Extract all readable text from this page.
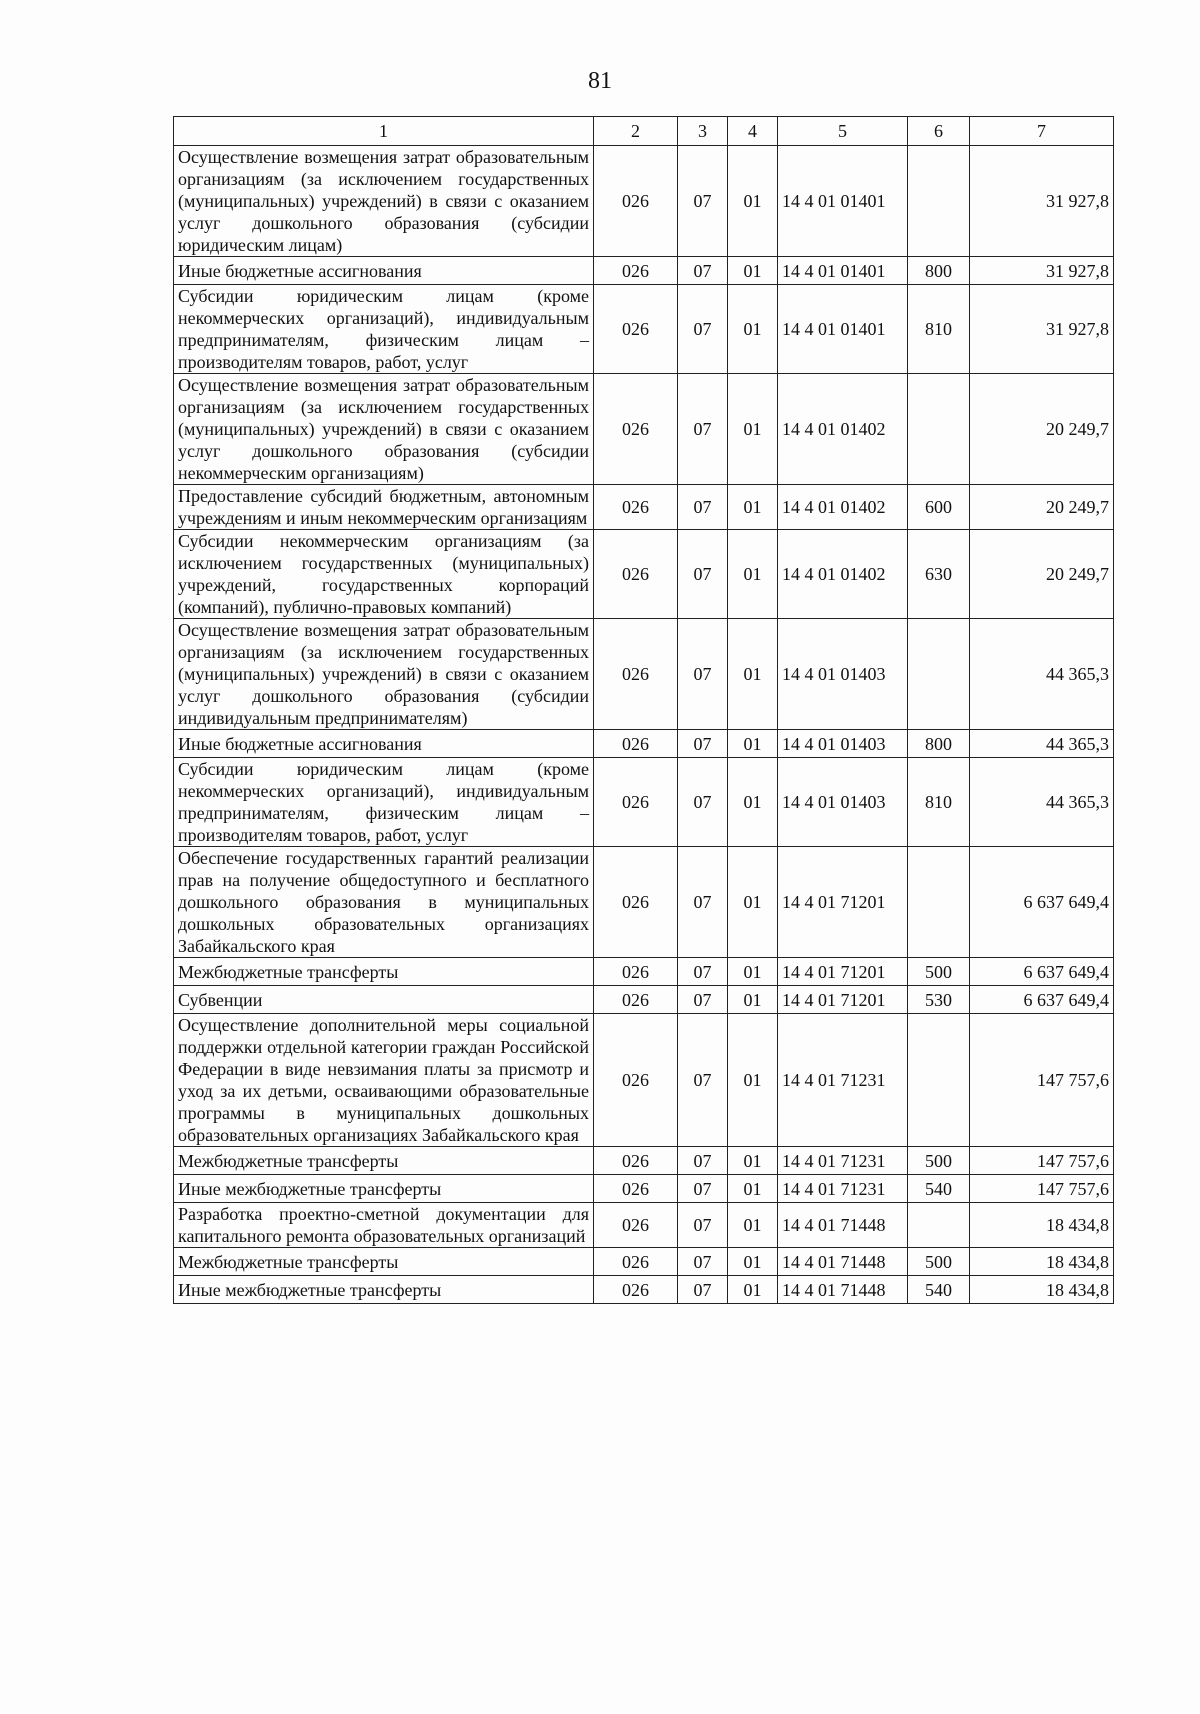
81
1	2	3	4	5	6	7
Осуществление возмещения затрат образовательным организациям (за исключением государственных (муниципальных) учреждений) в связи с оказанием услуг дошкольного образования (субсидии юридическим лицам)	026	07	01	14 4 01 01401		31 927,8
Иные бюджетные ассигнования	026	07	01	14 4 01 01401	800	31 927,8
Субсидии юридическим лицам (кроме некоммерческих организаций), индивидуальным предпринимателям, физическим лицам – производителям товаров, работ, услуг	026	07	01	14 4 01 01401	810	31 927,8
Осуществление возмещения затрат образовательным организациям (за исключением государственных (муниципальных) учреждений) в связи с оказанием услуг дошкольного образования (субсидии некоммерческим организациям)	026	07	01	14 4 01 01402		20 249,7
Предоставление субсидий бюджетным, автономным учреждениям и иным некоммерческим организациям	026	07	01	14 4 01 01402	600	20 249,7
Субсидии некоммерческим организациям (за исключением государственных (муниципальных) учреждений, государственных корпораций (компаний), публично-правовых компаний)	026	07	01	14 4 01 01402	630	20 249,7
Осуществление возмещения затрат образовательным организациям (за исключением государственных (муниципальных) учреждений) в связи с оказанием услуг дошкольного образования (субсидии индивидуальным предпринимателям)	026	07	01	14 4 01 01403		44 365,3
Иные бюджетные ассигнования	026	07	01	14 4 01 01403	800	44 365,3
Субсидии юридическим лицам (кроме некоммерческих организаций), индивидуальным предпринимателям, физическим лицам – производителям товаров, работ, услуг	026	07	01	14 4 01 01403	810	44 365,3
Обеспечение государственных гарантий реализации прав на получение общедоступного и бесплатного дошкольного образования в муниципальных дошкольных образовательных организациях Забайкальского края	026	07	01	14 4 01 71201		6 637 649,4
Межбюджетные трансферты	026	07	01	14 4 01 71201	500	6 637 649,4
Субвенции	026	07	01	14 4 01 71201	530	6 637 649,4
Осуществление дополнительной меры социальной поддержки отдельной категории граждан Российской Федерации в виде невзимания платы за присмотр и уход за их детьми, осваивающими образовательные программы в муниципальных дошкольных образовательных организациях Забайкальского края	026	07	01	14 4 01 71231		147 757,6
Межбюджетные трансферты	026	07	01	14 4 01 71231	500	147 757,6
Иные межбюджетные трансферты	026	07	01	14 4 01 71231	540	147 757,6
Разработка проектно-сметной документации для капитального ремонта образовательных организаций	026	07	01	14 4 01 71448		18 434,8
Межбюджетные трансферты	026	07	01	14 4 01 71448	500	18 434,8
Иные межбюджетные трансферты	026	07	01	14 4 01 71448	540	18 434,8
